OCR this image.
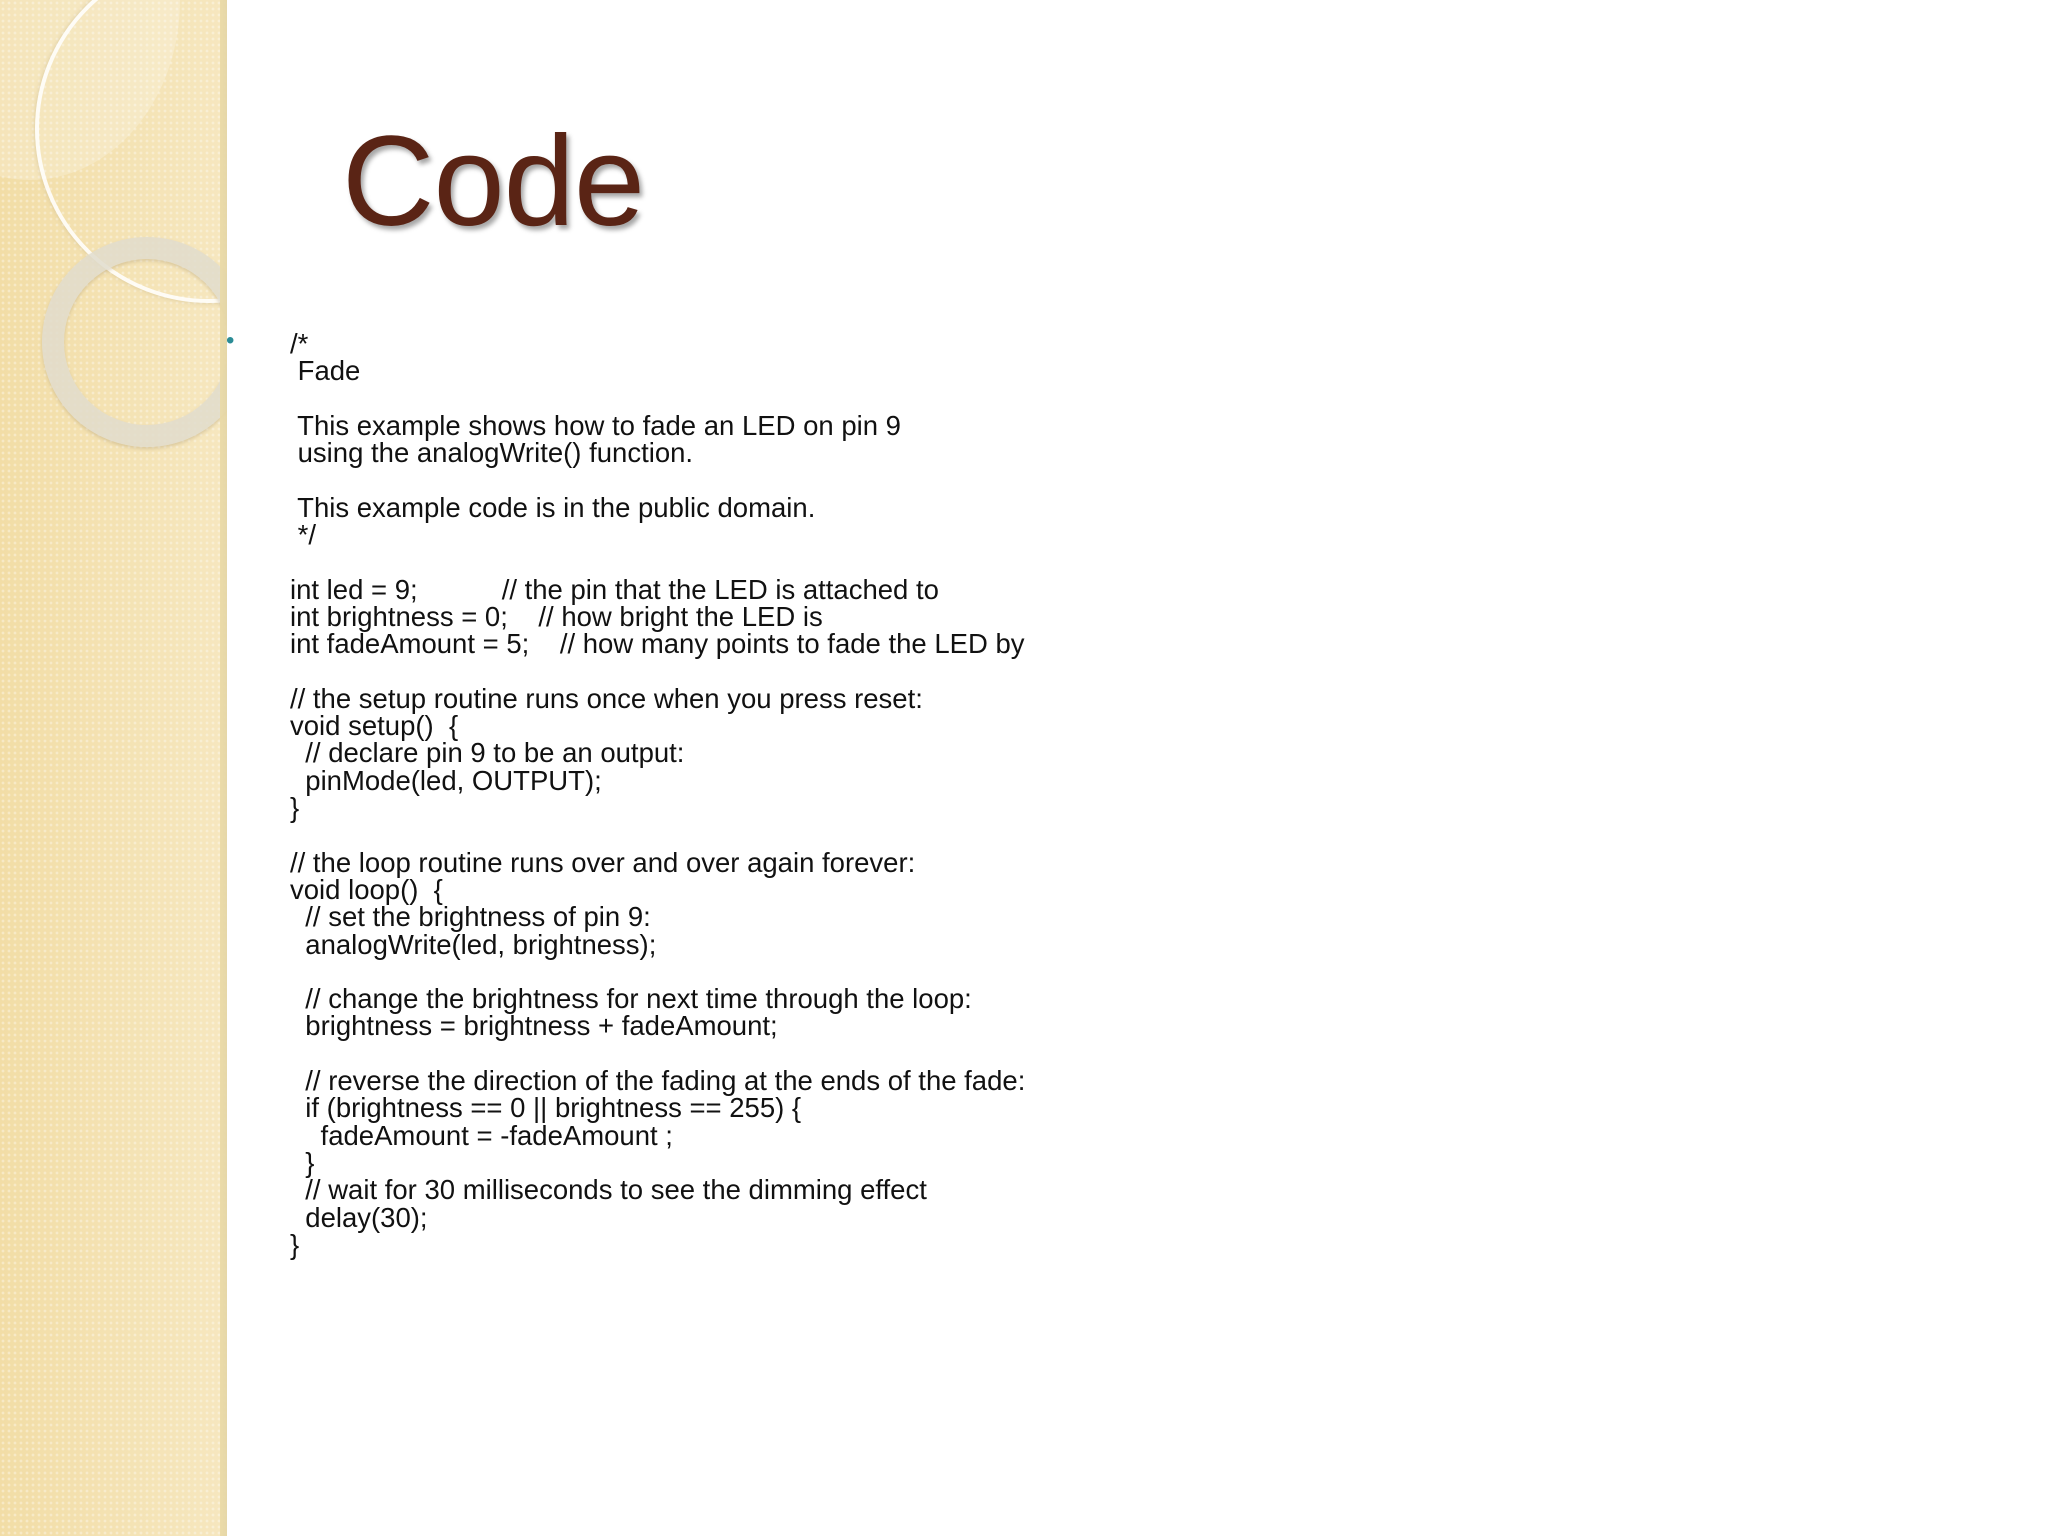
Code
• /*
Fade

This example shows how to fade an LED on pin 9
using the analogWrite() function.

This example code is in the public domain.
*/

int led = 9;           // the pin that the LED is attached to
int brightness = 0;    // how bright the LED is
int fadeAmount = 5;    // how many points to fade the LED by

// the setup routine runs once when you press reset:
void setup()  {
// declare pin 9 to be an output:
pinMode(led, OUTPUT);
}

// the loop routine runs over and over again forever:
void loop()  {
// set the brightness of pin 9:
analogWrite(led, brightness);

// change the brightness for next time through the loop:
brightness = brightness + fadeAmount;

// reverse the direction of the fading at the ends of the fade:
if (brightness == 0 || brightness == 255) {
fadeAmount = -fadeAmount ;
}
// wait for 30 milliseconds to see the dimming effect
delay(30);
}
